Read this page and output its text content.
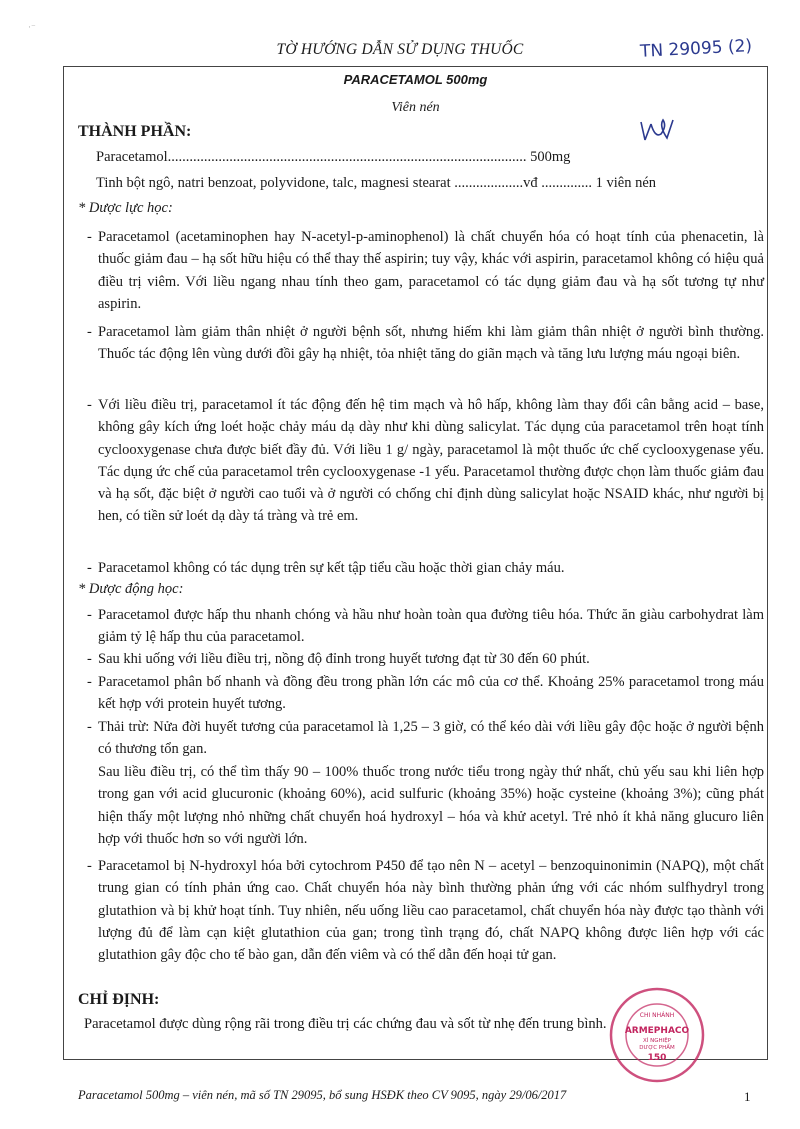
·⁻
TỜ HƯỚNG DẪN SỬ DỤNG THUỐC	TN 29095 (2)
PARACETAMOL 500mg
Viên nén
THÀNH PHẦN:
Paracetamol................................................................................................... 500mg
Tinh bột ngô, natri benzoat, polyvidone, talc, magnesi stearat ...................vđ .............. 1 viên nén
* Dược lực học:
- Paracetamol (acetaminophen hay N-acetyl-p-aminophenol) là chất chuyển hóa có hoạt tính của phenacetin, là thuốc giảm đau – hạ sốt hữu hiệu có thể thay thế aspirin; tuy vậy, khác với aspirin, paracetamol không có hiệu quả điều trị viêm. Với liều ngang nhau tính theo gam, paracetamol có tác dụng giảm đau và hạ sốt tương tự như aspirin.
- Paracetamol làm giảm thân nhiệt ở người bệnh sốt, nhưng hiếm khi làm giảm thân nhiệt ở người bình thường. Thuốc tác động lên vùng dưới đồi gây hạ nhiệt, tỏa nhiệt tăng do giãn mạch và tăng lưu lượng máu ngoại biên.
- Với liều điều trị, paracetamol ít tác động đến hệ tim mạch và hô hấp, không làm thay đổi cân bằng acid – base, không gây kích ứng loét hoặc chảy máu dạ dày như khi dùng salicylat. Tác dụng của paracetamol trên hoạt tính cyclooxygenase chưa được biết đầy đủ. Với liều 1 g/ ngày, paracetamol là một thuốc ức chế cyclooxygenase yếu. Tác dụng ức chế của paracetamol trên cyclooxygenase -1 yếu. Paracetamol thường được chọn làm thuốc giảm đau và hạ sốt, đặc biệt ở người cao tuổi và ở người có chống chỉ định dùng salicylat hoặc NSAID khác, như người bị hen, có tiền sử loét dạ dày tá tràng và trẻ em.
- Paracetamol không có tác dụng trên sự kết tập tiểu cầu hoặc thời gian chảy máu.
* Dược động học:
- Paracetamol được hấp thu nhanh chóng và hầu như hoàn toàn qua đường tiêu hóa. Thức ăn giàu carbohydrat làm giảm tỷ lệ hấp thu của paracetamol.
- Sau khi uống với liều điều trị, nồng độ đỉnh trong huyết tương đạt từ 30 đến 60 phút.
- Paracetamol phân bố nhanh và đồng đều trong phần lớn các mô của cơ thể. Khoảng 25% paracetamol trong máu kết hợp với protein huyết tương.
- Thải trừ: Nửa đời huyết tương của paracetamol là 1,25 – 3 giờ, có thể kéo dài với liều gây độc hoặc ở người bệnh có thương tổn gan.
Sau liều điều trị, có thể tìm thấy 90 – 100% thuốc trong nước tiểu trong ngày thứ nhất, chủ yếu sau khi liên hợp trong gan với acid glucuronic (khoảng 60%), acid sulfuric (khoảng 35%) hoặc cysteine (khoảng 3%); cũng phát hiện thấy một lượng nhỏ những chất chuyển hoá hydroxyl – hóa và khử acetyl. Trẻ nhỏ ít khả năng glucuro liên hợp với thuốc hơn so với người lớn.
- Paracetamol bị N-hydroxyl hóa bởi cytochrom P450 để tạo nên N – acetyl – benzoquinonimin (NAPQ), một chất trung gian có tính phản ứng cao. Chất chuyển hóa này bình thường phản ứng với các nhóm sulfhydryl trong glutathion và bị khử hoạt tính. Tuy nhiên, nếu uống liều cao paracetamol, chất chuyển hóa này được tạo thành với lượng đủ để làm cạn kiệt glutathion của gan; trong tình trạng đó, chất NAPQ không được liên hợp với các glutathion gây độc cho tế bào gan, dẫn đến viêm và có thể dẫn đến hoại tử gan.
CHỈ ĐỊNH:
Paracetamol được dùng rộng rãi trong điều trị các chứng đau và sốt từ nhẹ đến trung bình.
CHI NHÁNH
ARMEPHACO
XÍ NGHIỆP
DƯỢC PHẨM
150
Paracetamol 500mg – viên nén, mã số TN 29095, bổ sung HSĐK theo CV 9095, ngày 29/06/2017	1
